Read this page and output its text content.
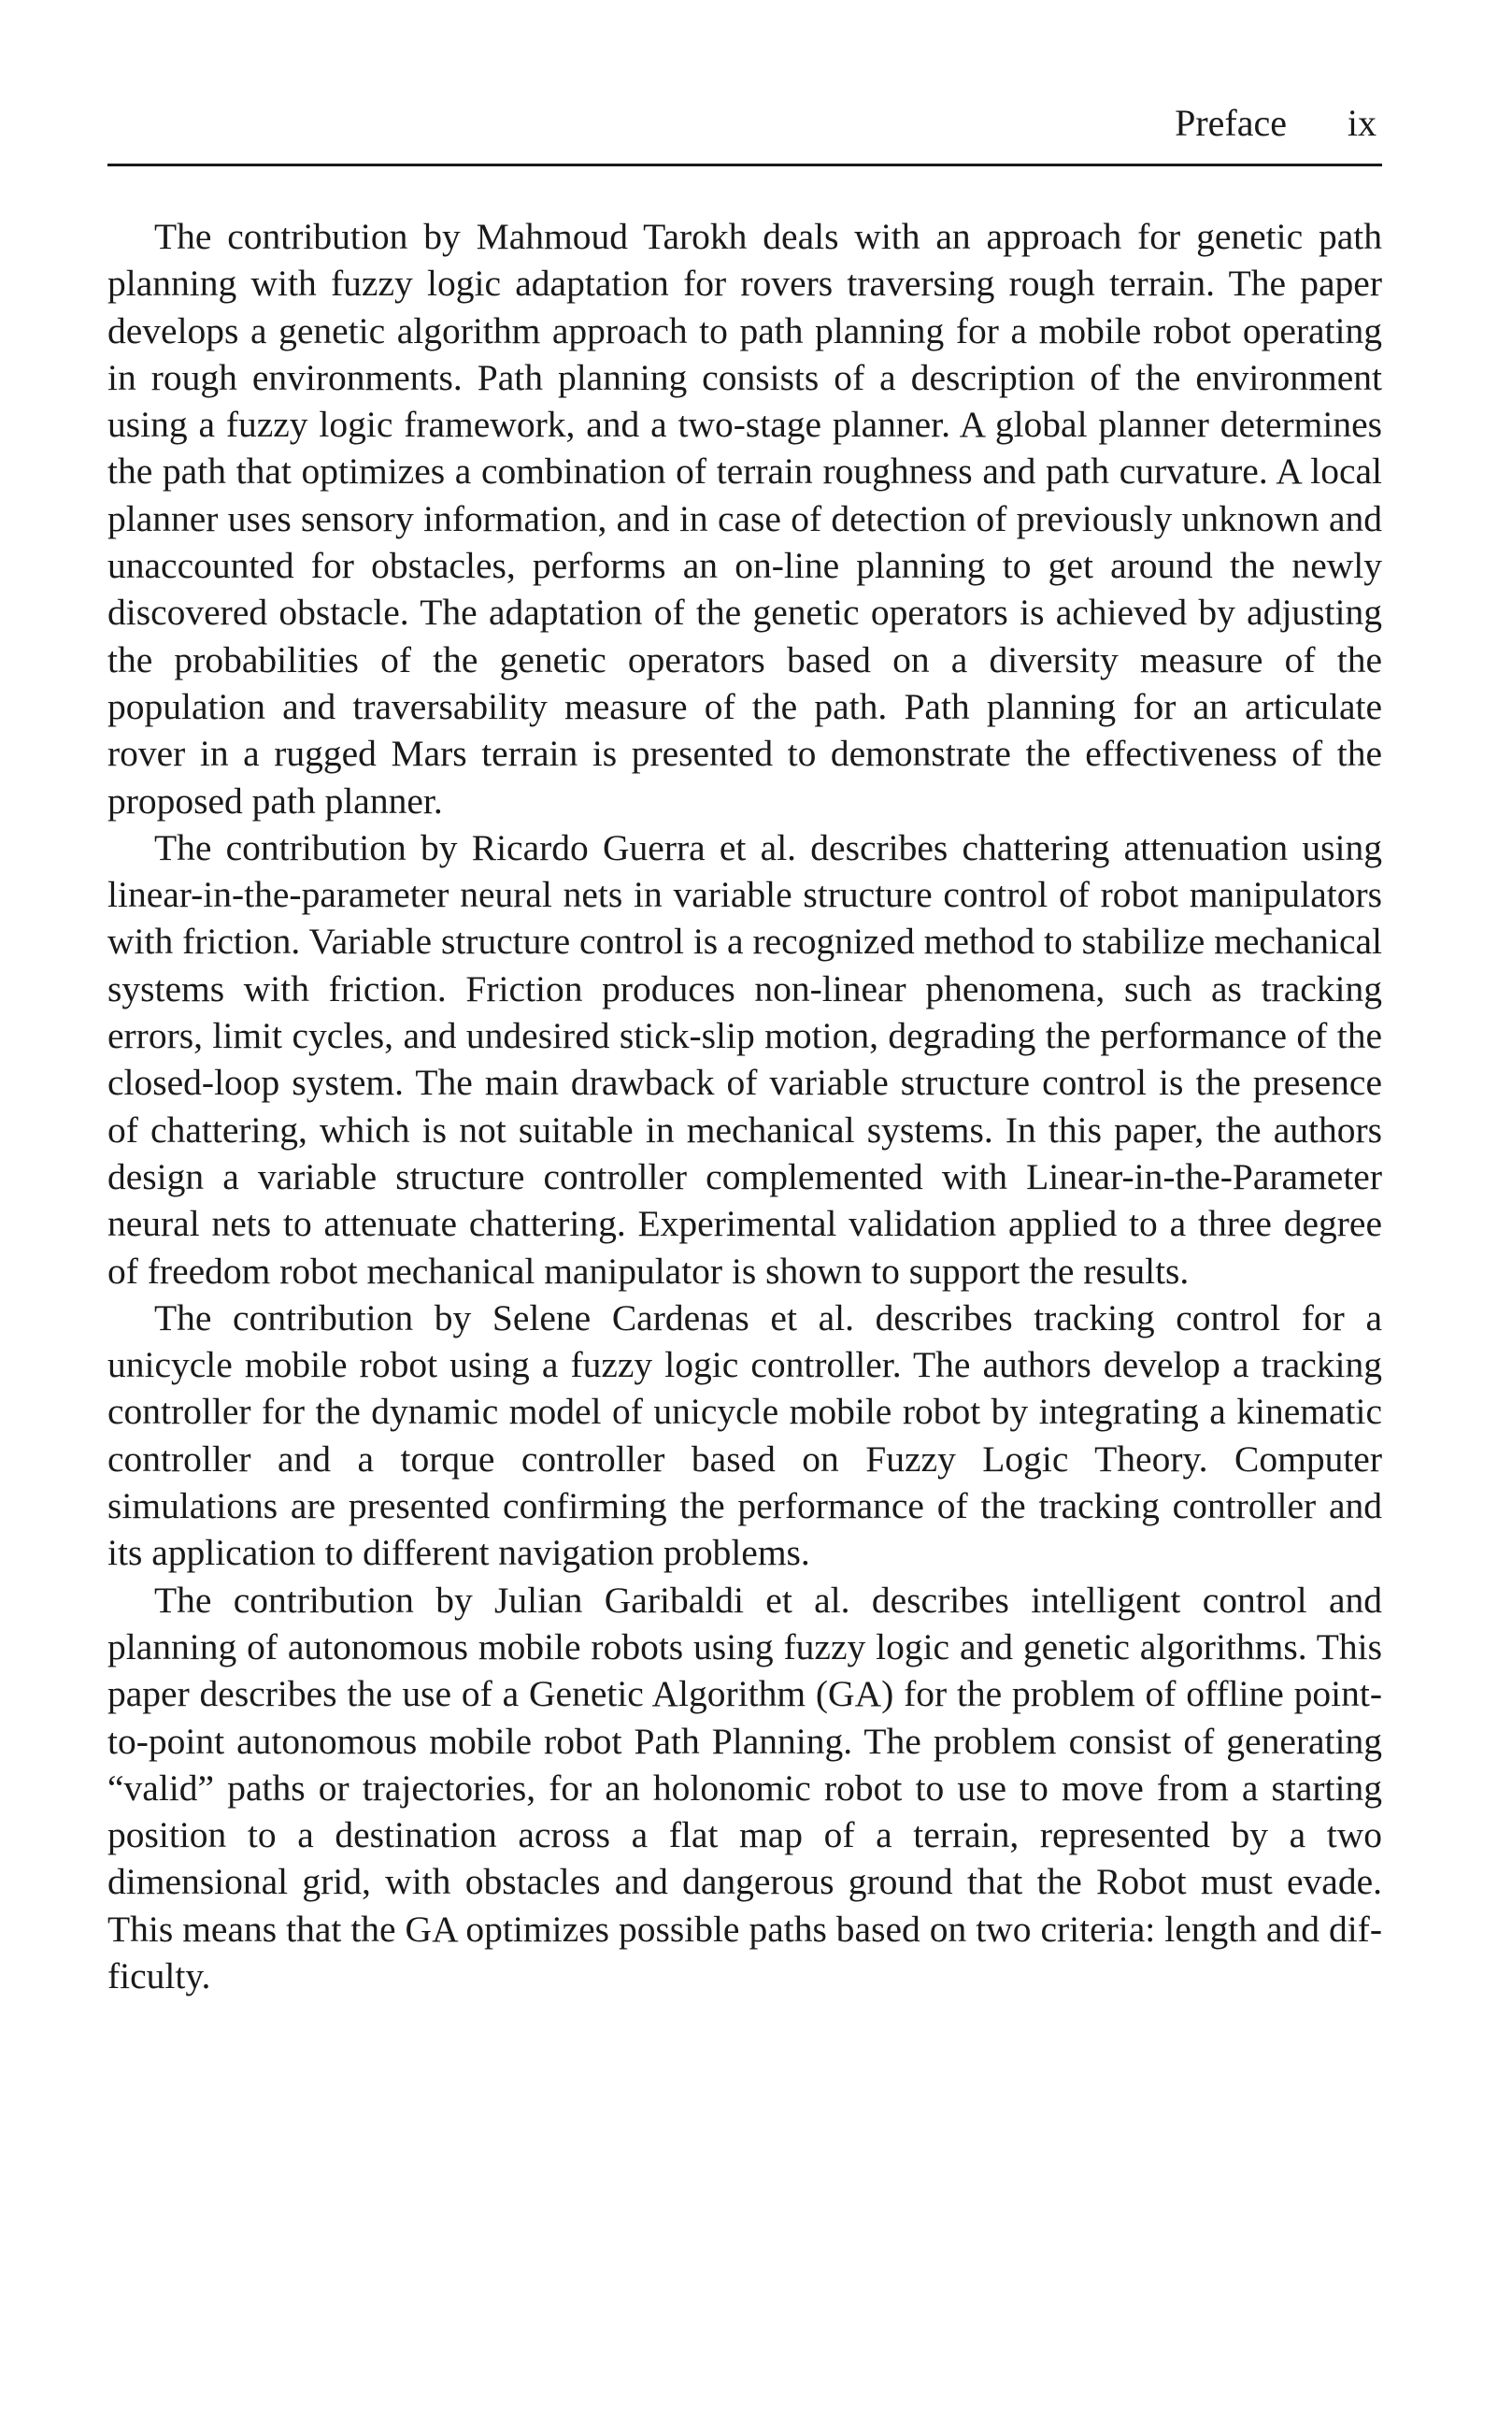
Preface ix

The contribution by Mahmoud Tarokh deals with an approach for genetic path planning with fuzzy logic adaptation for rovers traversing rough terrain. The paper develops a genetic algorithm approach to path planning for a mobile robot operating in rough environments. Path planning consists of a description of the environment using a fuzzy logic framework, and a two-stage planner. A global planner determines the path that optimizes a combination of terrain roughness and path curvature. A local planner uses sensory information, and in case of detection of previously unknown and unaccounted for obstacles, performs an on-line planning to get around the newly discovered obstacle. The adaptation of the genetic operators is achieved by adjusting the probabilities of the genetic operators based on a diversity measure of the population and traversability measure of the path. Path planning for an articulate rover in a rugged Mars terrain is presented to demonstrate the effectiveness of the proposed path planner.

The contribution by Ricardo Guerra et al. describes chattering attenuation using linear-in-the-parameter neural nets in variable structure control of robot manipulators with friction. Variable structure control is a recognized method to stabilize mechanical systems with friction. Friction produces non-linear phenomena, such as tracking errors, limit cycles, and undesired stick-slip motion, degrading the performance of the closed-loop system. The main drawback of variable structure control is the presence of chattering, which is not suitable in mechanical systems. In this paper, the authors design a variable structure controller complemented with Linear-in-the-Parameter neural nets to attenuate chattering. Experimental validation applied to a three degree of freedom robot mechanical manipulator is shown to support the results.

The contribution by Selene Cardenas et al. describes tracking control for a unicycle mobile robot using a fuzzy logic controller. The authors develop a tracking controller for the dynamic model of unicycle mobile robot by integrating a kinematic controller and a torque controller based on Fuzzy Logic Theory. Computer simulations are presented confirming the performance of the tracking controller and its application to different navigation problems.

The contribution by Julian Garibaldi et al. describes intelligent control and planning of autonomous mobile robots using fuzzy logic and genetic algorithms. This paper describes the use of a Genetic Algorithm (GA) for the problem of offline point-to-point autonomous mobile robot Path Planning. The problem consist of generating “valid” paths or trajectories, for an holonomic robot to use to move from a starting position to a destination across a flat map of a terrain, represented by a two dimensional grid, with obstacles and dangerous ground that the Robot must evade. This means that the GA optimizes possible paths based on two criteria: length and difficulty.
